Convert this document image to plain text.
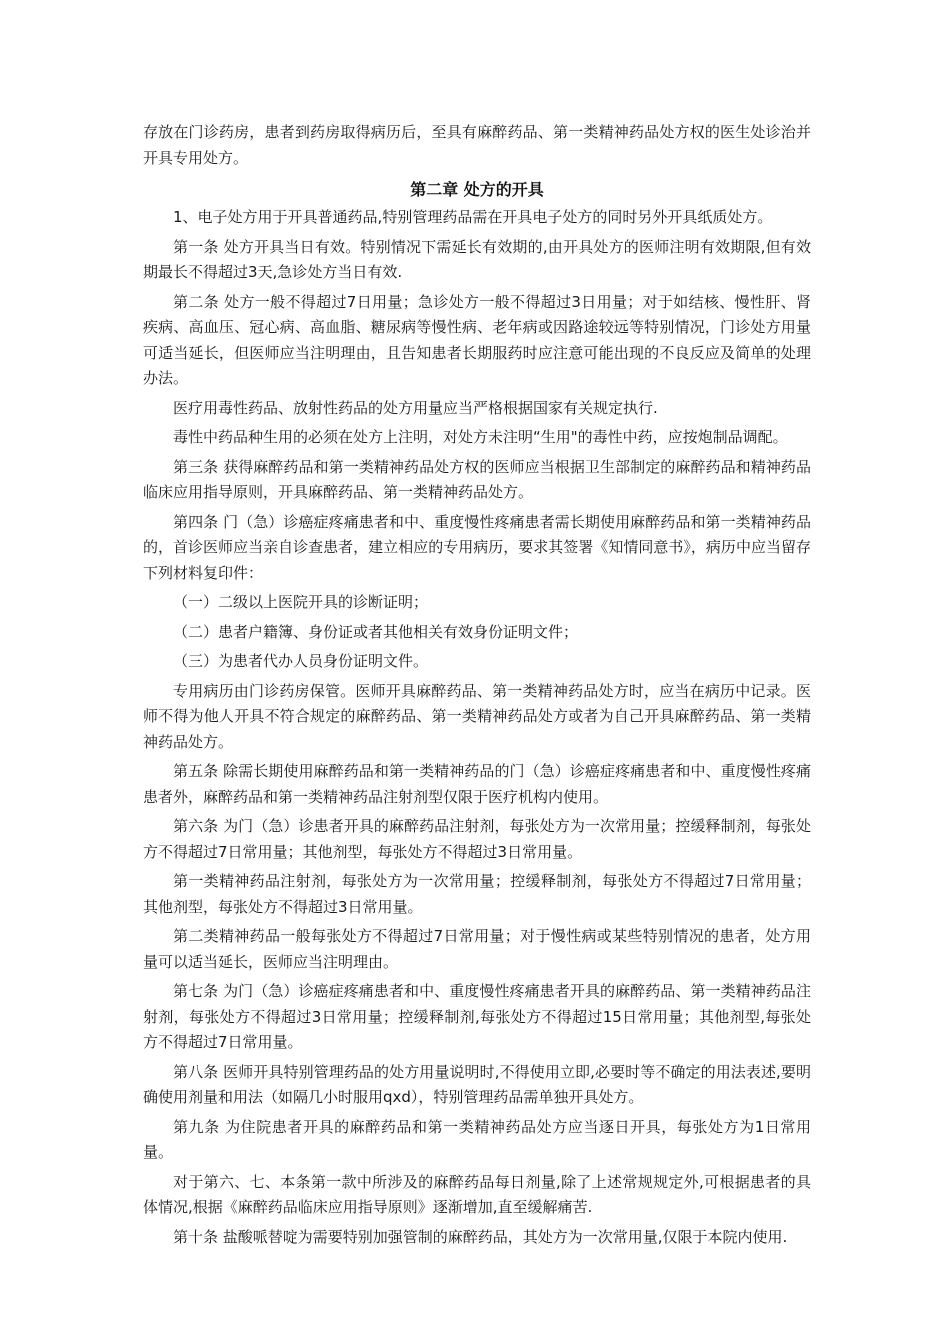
存放在门诊药房，患者到药房取得病历后，至具有麻醉药品、第一类精神药品处方权的医生处诊治并开具专用处方。

第二章 处方的开具

1、电子处方用于开具普通药品,特别管理药品需在开具电子处方的同时另外开具纸质处方。

第一条 处方开具当日有效。特别情况下需延长有效期的,由开具处方的医师注明有效期限,但有效期最长不得超过3天,急诊处方当日有效.

第二条 处方一般不得超过7日用量；急诊处方一般不得超过3日用量；对于如结核、慢性肝、肾疾病、高血压、冠心病、高血脂、糖尿病等慢性病、老年病或因路途较远等特别情况，门诊处方用量可适当延长，但医师应当注明理由，且告知患者长期服药时应注意可能出现的不良反应及简单的处理办法。

医疗用毒性药品、放射性药品的处方用量应当严格根据国家有关规定执行.

毒性中药品种生用的必须在处方上注明，对处方未注明“生用"的毒性中药，应按炮制品调配。

第三条 获得麻醉药品和第一类精神药品处方权的医师应当根据卫生部制定的麻醉药品和精神药品临床应用指导原则，开具麻醉药品、第一类精神药品处方。

第四条 门（急）诊癌症疼痛患者和中、重度慢性疼痛患者需长期使用麻醉药品和第一类精神药品的，首诊医师应当亲自诊查患者，建立相应的专用病历，要求其签署《知情同意书》，病历中应当留存下列材料复印件：

（一）二级以上医院开具的诊断证明；

（二）患者户籍簿、身份证或者其他相关有效身份证明文件；

（三）为患者代办人员身份证明文件。

专用病历由门诊药房保管。医师开具麻醉药品、第一类精神药品处方时，应当在病历中记录。医师不得为他人开具不符合规定的麻醉药品、第一类精神药品处方或者为自己开具麻醉药品、第一类精神药品处方。

第五条 除需长期使用麻醉药品和第一类精神药品的门（急）诊癌症疼痛患者和中、重度慢性疼痛患者外，麻醉药品和第一类精神药品注射剂型仅限于医疗机构内使用。

第六条 为门（急）诊患者开具的麻醉药品注射剂，每张处方为一次常用量；控缓释制剂，每张处方不得超过7日常用量；其他剂型，每张处方不得超过3日常用量。

第一类精神药品注射剂，每张处方为一次常用量；控缓释制剂，每张处方不得超过7日常用量；其他剂型，每张处方不得超过3日常用量。

第二类精神药品一般每张处方不得超过7日常用量；对于慢性病或某些特别情况的患者，处方用量可以适当延长，医师应当注明理由。

第七条 为门（急）诊癌症疼痛患者和中、重度慢性疼痛患者开具的麻醉药品、第一类精神药品注射剂，每张处方不得超过3日常用量；控缓释制剂,每张处方不得超过15日常用量；其他剂型,每张处方不得超过7日常用量。

第八条 医师开具特别管理药品的处方用量说明时,不得使用立即,必要时等不确定的用法表述,要明确使用剂量和用法（如隔几小时服用qxd），特别管理药品需单独开具处方。

第九条 为住院患者开具的麻醉药品和第一类精神药品处方应当逐日开具，每张处方为1日常用量。

对于第六、七、本条第一款中所涉及的麻醉药品每日剂量,除了上述常规规定外,可根据患者的具体情况,根据《麻醉药品临床应用指导原则》逐渐增加,直至缓解痛苦.

第十条 盐酸哌替啶为需要特别加强管制的麻醉药品，其处方为一次常用量,仅限于本院内使用.
